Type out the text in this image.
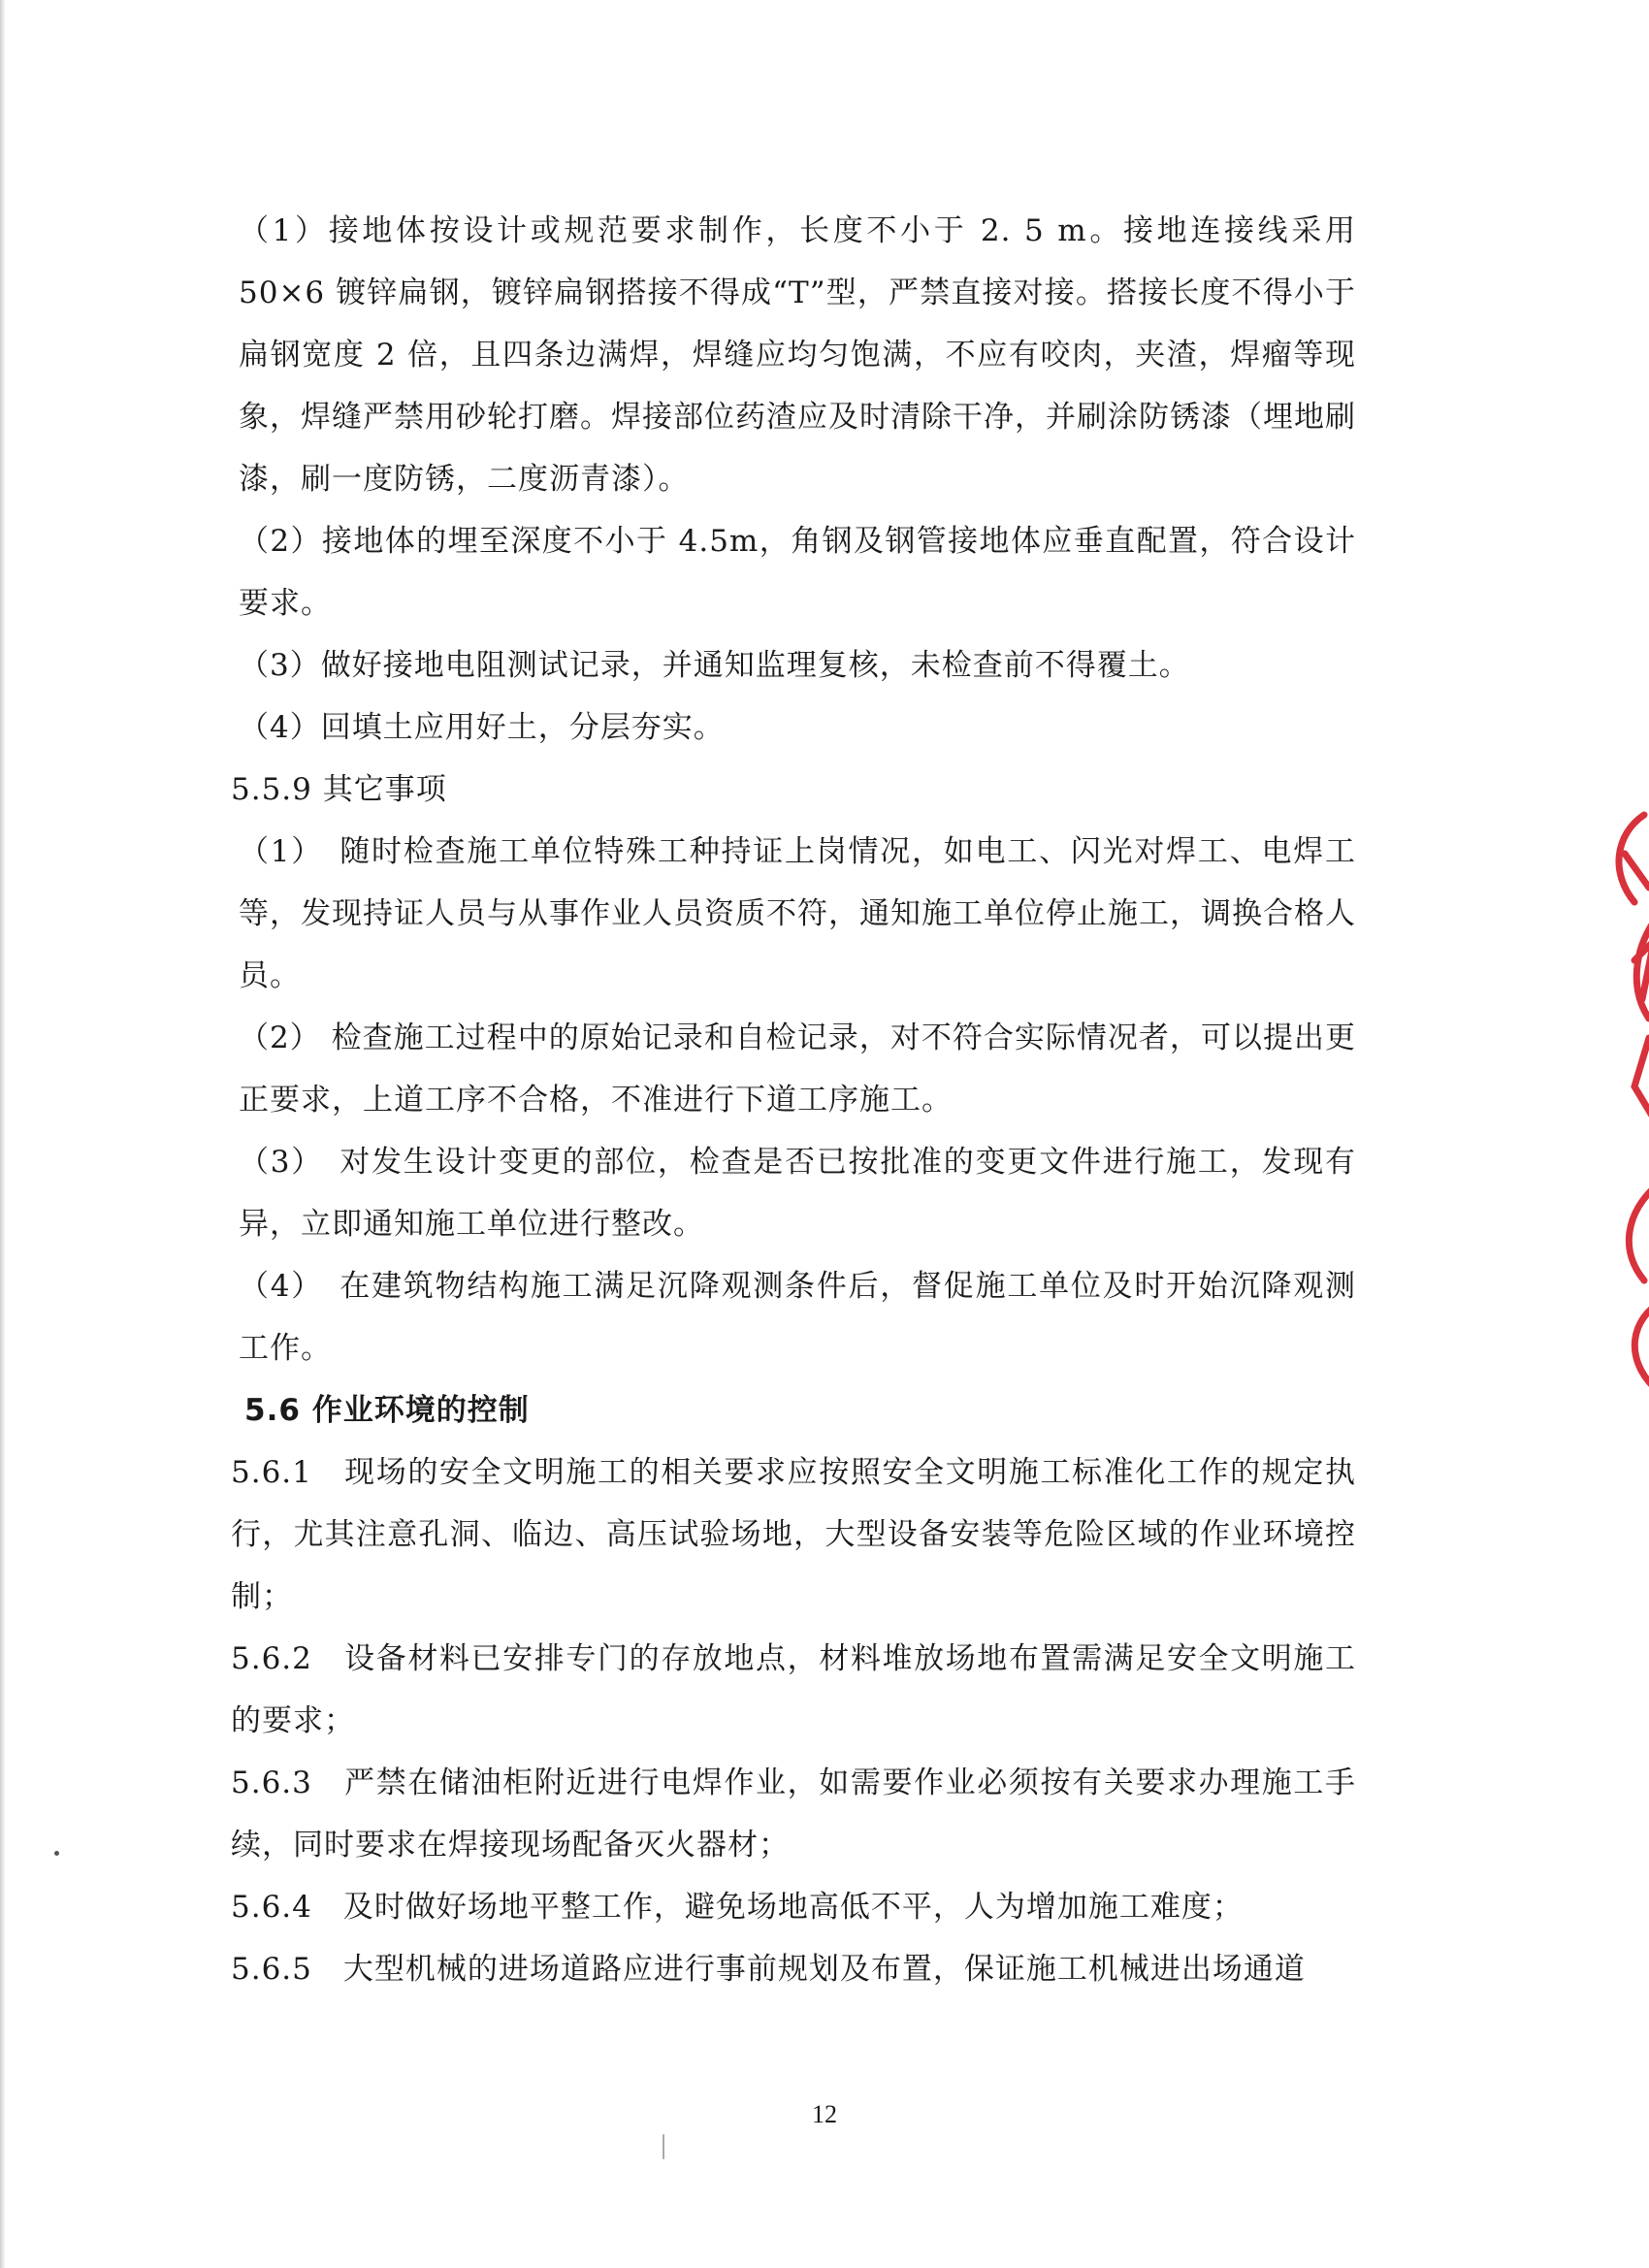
（1）接地体按设计或规范要求制作，长度不小于 2. 5 m。接地连接线采用 50×6 镀锌扁钢，镀锌扁钢搭接不得成“T”型，严禁直接对接。搭接长度不得小于扁钢宽度 2 倍，且四条边满焊，焊缝应均匀饱满，不应有咬肉，夹渣，焊瘤等现象，焊缝严禁用砂轮打磨。焊接部位药渣应及时清除干净，并刷涂防锈漆（埋地刷漆，刷一度防锈，二度沥青漆）。

（2）接地体的埋至深度不小于 4.5m，角钢及钢管接地体应垂直配置，符合设计要求。

（3）做好接地电阻测试记录，并通知监理复核，未检查前不得覆土。

（4）回填土应用好土，分层夯实。

5.5.9 其它事项

（1）　随时检查施工单位特殊工种持证上岗情况，如电工、闪光对焊工、电焊工等，发现持证人员与从事作业人员资质不符，通知施工单位停止施工，调换合格人员。

（2） 检查施工过程中的原始记录和自检记录，对不符合实际情况者，可以提出更正要求，上道工序不合格，不准进行下道工序施工。

（3）　对发生设计变更的部位，检查是否已按批准的变更文件进行施工，发现有异，立即通知施工单位进行整改。

（4）　在建筑物结构施工满足沉降观测条件后，督促施工单位及时开始沉降观测工作。

5.6 作业环境的控制

5.6.1　现场的安全文明施工的相关要求应按照安全文明施工标准化工作的规定执行，尤其注意孔洞、临边、高压试验场地，大型设备安装等危险区域的作业环境控制；

5.6.2　设备材料已安排专门的存放地点，材料堆放场地布置需满足安全文明施工的要求；

5.6.3　严禁在储油柜附近进行电焊作业，如需要作业必须按有关要求办理施工手续，同时要求在焊接现场配备灭火器材；

5.6.4　及时做好场地平整工作，避免场地高低不平，人为增加施工难度；

5.6.5　大型机械的进场道路应进行事前规划及布置，保证施工机械进出场通道

12
